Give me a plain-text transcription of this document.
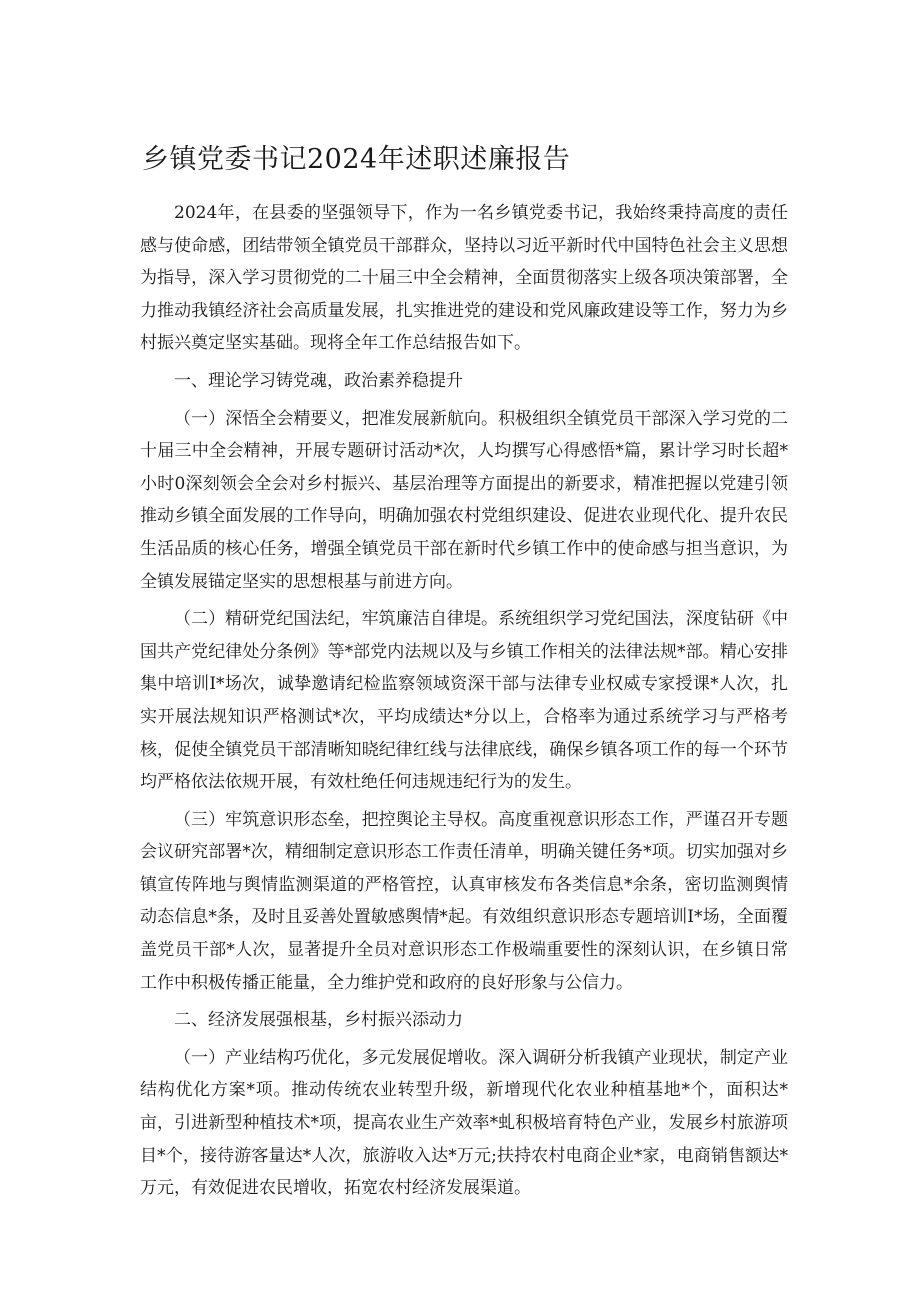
乡镇党委书记2024年述职述廉报告

2024年，在县委的坚强领导下，作为一名乡镇党委书记，我始终秉持高度的责任感与使命感，团结带领全镇党员干部群众，坚持以习近平新时代中国特色社会主义思想为指导，深入学习贯彻党的二十届三中全会精神，全面贯彻落实上级各项决策部署，全力推动我镇经济社会高质量发展，扎实推进党的建设和党风廉政建设等工作，努力为乡村振兴奠定坚实基础。现将全年工作总结报告如下。

一、理论学习铸党魂，政治素养稳提升

（一）深悟全会精要义，把准发展新航向。积极组织全镇党员干部深入学习党的二十届三中全会精神，开展专题研讨活动*次，人均撰写心得感悟*篇，累计学习时长超*小时0深刻领会全会对乡村振兴、基层治理等方面提出的新要求，精准把握以党建引领推动乡镇全面发展的工作导向，明确加强农村党组织建设、促进农业现代化、提升农民生活品质的核心任务，增强全镇党员干部在新时代乡镇工作中的使命感与担当意识，为全镇发展锚定坚实的思想根基与前进方向。

（二）精研党纪国法纪，牢筑廉洁自律堤。系统组织学习党纪国法，深度钻研《中国共产党纪律处分条例》等*部党内法规以及与乡镇工作相关的法律法规*部。精心安排集中培训I*场次，诚挚邀请纪检监察领域资深干部与法律专业权威专家授课*人次，扎实开展法规知识严格测试*次，平均成绩达*分以上，合格率为通过系统学习与严格考核，促使全镇党员干部清晰知晓纪律红线与法律底线，确保乡镇各项工作的每一个环节均严格依法依规开展，有效杜绝任何违规违纪行为的发生。

（三）牢筑意识形态垒，把控舆论主导权。高度重视意识形态工作，严谨召开专题会议研究部署*次，精细制定意识形态工作责任清单，明确关键任务*项。切实加强对乡镇宣传阵地与舆情监测渠道的严格管控，认真审核发布各类信息*余条，密切监测舆情动态信息*条，及时且妥善处置敏感舆情*起。有效组织意识形态专题培训I*场，全面覆盖党员干部*人次，显著提升全员对意识形态工作极端重要性的深刻认识，在乡镇日常工作中积极传播正能量，全力维护党和政府的良好形象与公信力。

二、经济发展强根基，乡村振兴添动力

（一）产业结构巧优化，多元发展促增收。深入调研分析我镇产业现状，制定产业结构优化方案*项。推动传统农业转型升级，新增现代化农业种植基地*个，面积达*亩，引进新型种植技术*项，提高农业生产效率*虬积极培育特色产业，发展乡村旅游项目*个，接待游客量达*人次，旅游收入达*万元;扶持农村电商企业*家，电商销售额达*万元，有效促进农民增收，拓宽农村经济发展渠道。
